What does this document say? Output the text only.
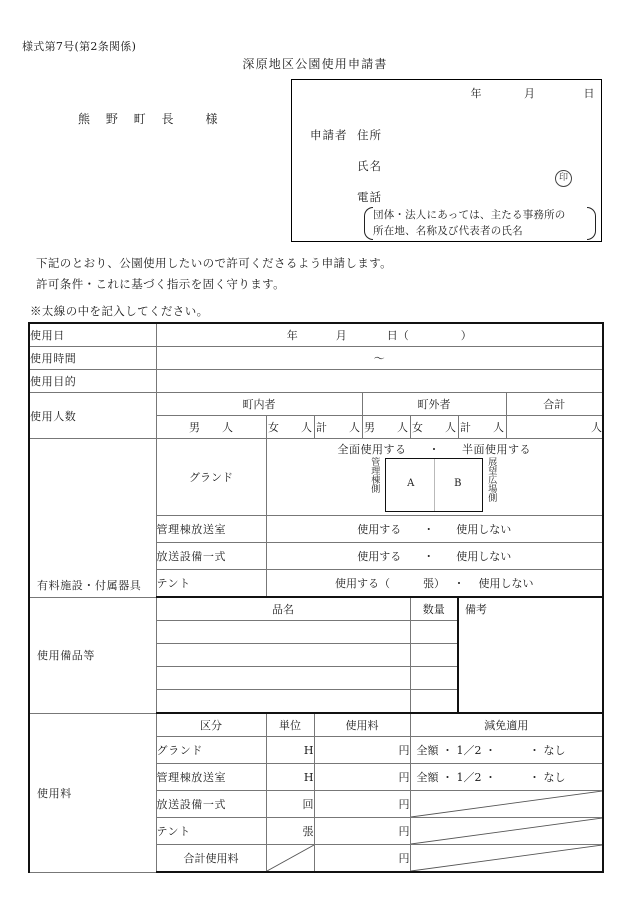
様式第7号(第2条関係)
深原地区公園使用申請書
熊 野 町 長 様
年	月	日
申請者 住所
氏名
電話
団体・法人にあっては、主たる事務所の
所在地、名称及び代表者の氏名
印
下記のとおり、公園使用したいので許可くださるよう申請します。
許可条件・これに基づく指示を固く守ります。
※太線の中を記入してください。
使用日	年 月 日（ ）						
使用時間	～						
使用目的							
使用人数	町内者			町外者			合計
	男　　人	女　　人	計　　人	男　　人	女　　人	計　　人	人
有料施設・付属器具	グランド	全面使用する ・ 半面使用する
管理棟側 A B 展望広場側					

	管理棟放送室	使用する ・ 使用しない					
	放送設備一式	使用する ・ 使用しない					
	テント	使用する（　　　張） ・ 使用しない					
使用備品等	品名				数量	備考	

使用料	区分	単位	使用料		減免適用		
	グランド	H	円		全額 ・ 1／2 ・ ・ なし		
	管理棟放送室	H	円		全額 ・ 1／2 ・ ・ なし		
	放送設備一式	回	円	

	テント	張	円	

	合計使用料		円	
